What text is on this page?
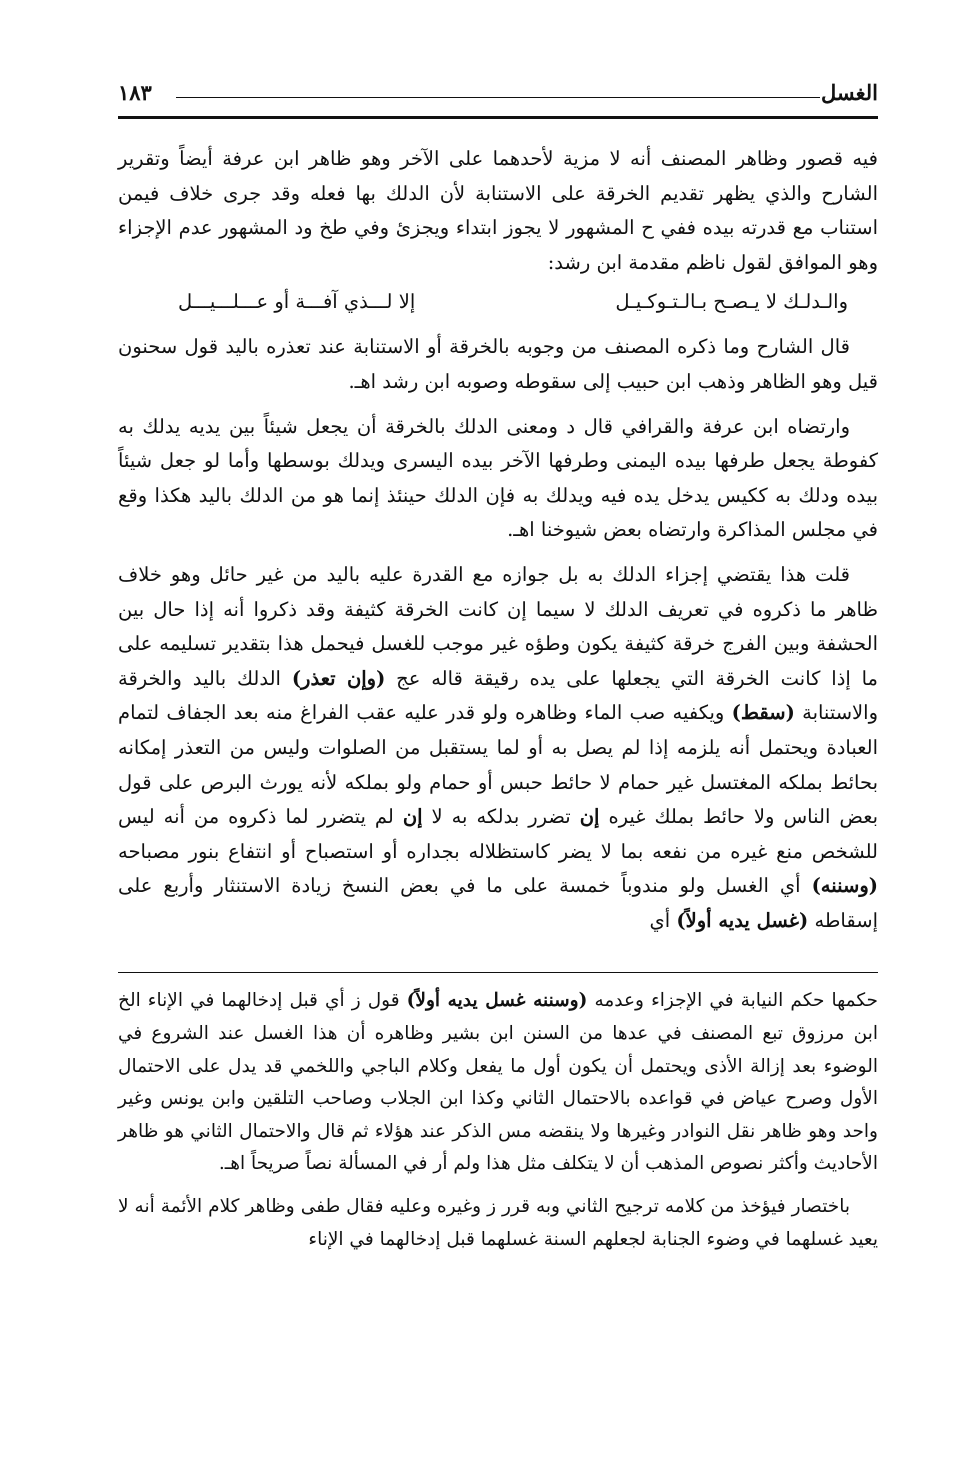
الغسل
١٨٣

فيه قصور وظاهر المصنف أنه لا مزية لأحدهما على الآخر وهو ظاهر ابن عرفة أيضاً وتقرير الشارح والذي يظهر تقديم الخرقة على الاستنابة لأن الدلك بها فعله وقد جرى خلاف فيمن استناب مع قدرته بيده ففي ح المشهور لا يجوز ابتداء ويجزئ وفي طخ ود المشهور عدم الإجزاء وهو الموافق لقول ناظم مقدمة ابن رشد:

والـدلـك لا يـصـح بـالـتـوكـيـل
إلا لـــذي آفـــة أو عـــلـــيـــل

قال الشارح وما ذكره المصنف من وجوبه بالخرقة أو الاستنابة عند تعذره باليد قول سحنون قيل وهو الظاهر وذهب ابن حبيب إلى سقوطه وصوبه ابن رشد اهـ.

وارتضاه ابن عرفة والقرافي قال د ومعنى الدلك بالخرقة أن يجعل شيئاً بين يديه يدلك به كفوطة يجعل طرفها بيده اليمنى وطرفها الآخر بيده اليسرى ويدلك بوسطها وأما لو جعل شيئاً بيده ودلك به ككيس يدخل يده فيه ويدلك به فإن الدلك حينئذ إنما هو من الدلك باليد هكذا وقع في مجلس المذاكرة وارتضاه بعض شيوخنا اهـ.

قلت هذا يقتضي إجزاء الدلك به بل جوازه مع القدرة عليه باليد من غير حائل وهو خلاف ظاهر ما ذكروه في تعريف الدلك لا سيما إن كانت الخرقة كثيفة وقد ذكروا أنه إذا حال بين الحشفة وبين الفرج خرقة كثيفة يكون وطؤه غير موجب للغسل فيحمل هذا بتقدير تسليمه على ما إذا كانت الخرقة التي يجعلها على يده رقيقة قاله عج (وإن تعذر) الدلك باليد والخرقة والاستنابة (سقط) ويكفيه صب الماء وظاهره ولو قدر عليه عقب الفراغ منه بعد الجفاف لتمام العبادة ويحتمل أنه يلزمه إذا لم يصل به أو لما يستقبل من الصلوات وليس من التعذر إمكانه بحائط بملكه المغتسل غير حمام لا حائط حبس أو حمام ولو بملكه لأنه يورث البرص على قول بعض الناس ولا حائط بملك غيره إن تضرر بدلكه به لا إن لم يتضرر لما ذكروه من أنه ليس للشخص منع غيره من نفعه بما لا يضر كاستظلاله بجداره أو استصباح أو انتفاع بنور مصباحه (وسننه) أي الغسل ولو مندوباً خمسة على ما في بعض النسخ زيادة الاستنثار وأربع على إسقاطه (غسل يديه أولاً) أي

حكمها حكم النيابة في الإجزاء وعدمه (وسننه غسل يديه أولاً) قول ز أي قبل إدخالهما في الإناء الخ ابن مرزوق تبع المصنف في عدها من السنن ابن بشير وظاهره أن هذا الغسل عند الشروع في الوضوء بعد إزالة الأذى ويحتمل أن يكون أول ما يفعل وكلام الباجي واللخمي قد يدل على الاحتمال الأول وصرح عياض في قواعده بالاحتمال الثاني وكذا ابن الجلاب وصاحب التلقين وابن يونس وغير واحد وهو ظاهر نقل النوادر وغيرها ولا ينقضه مس الذكر عند هؤلاء ثم قال والاحتمال الثاني هو ظاهر الأحاديث وأكثر نصوص المذهب أن لا يتكلف مثل هذا ولم أر في المسألة نصاً صريحاً اهـ.

باختصار فيؤخذ من كلامه ترجيح الثاني وبه قرر ز وغيره وعليه فقال طفى وظاهر كلام الأئمة أنه لا يعيد غسلهما في وضوء الجنابة لجعلهم السنة غسلهما قبل إدخالهما في الإناء
